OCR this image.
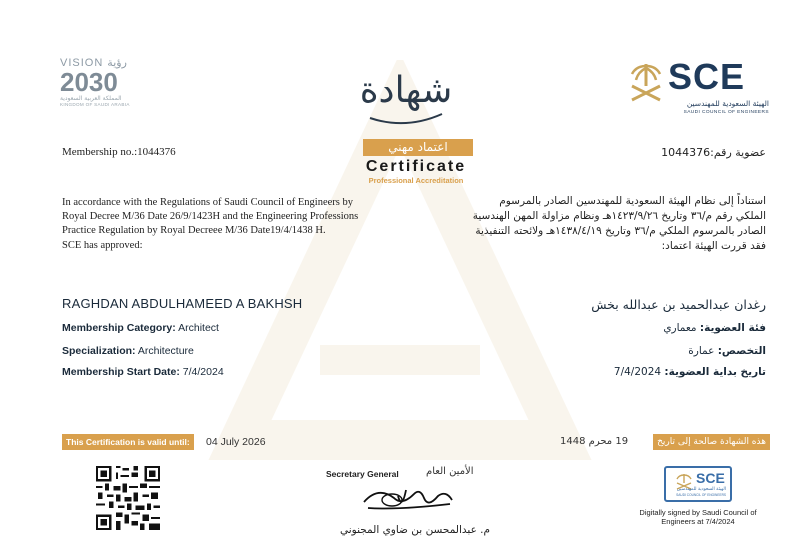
VISION رؤية
2030
المملكة العربية السعودية
KINGDOM OF SAUDI ARABIA	شهادة
اعتماد مهني
Certificate
Professional Accreditation
SCE
الهيئة السعودية للمهندسين
SAUDI COUNCIL OF ENGINEERS
Membership no.:1044376	عضوية رقم:1044376
In accordance with the Regulations of Saudi Council of Engineers by
Royal Decree M/36 Date 26/9/1423H and the Engineering Professions
Practice Regulation by Royal Decreee M/36 Date19/4/1438 H.
SCE has approved:
استناداً إلى نظام الهيئة السعودية للمهندسين الصادر بالمرسوم
الملكي رقم م/٣٦ وتاريخ ١٤٢٣/٩/٢٦هـ ونظام مزاولة المهن الهندسية
الصادر بالمرسوم الملكي م/٣٦ وتاريخ ١٤٣٨/٤/١٩هـ ولائحته التنفيذية
فقد قررت الهيئة اعتماد:
RAGHDAN ABDULHAMEED A BAKHSH	رغدان عبدالحميد بن عبدالله بخش
Membership Category: Architect	فئة العضوية: معماري
Specialization: Architecture	التخصص: عمارة
Membership Start Date: 7/4/2024	تاريخ بداية العضوية: 7/4/2024
This Certification is valid until:	04 July 2026	19 محرم 1448	هذه الشهادة صالحة إلى تاريخ
Secretary General	الأمين العام
م. عبدالمحسن بن ضاوي المجنوني
SCE
الهيئة السعودية للمهندسين
SAUDI COUNCIL OF ENGINEERS
Digitally signed by Saudi Council of
Engineers at 7/4/2024
